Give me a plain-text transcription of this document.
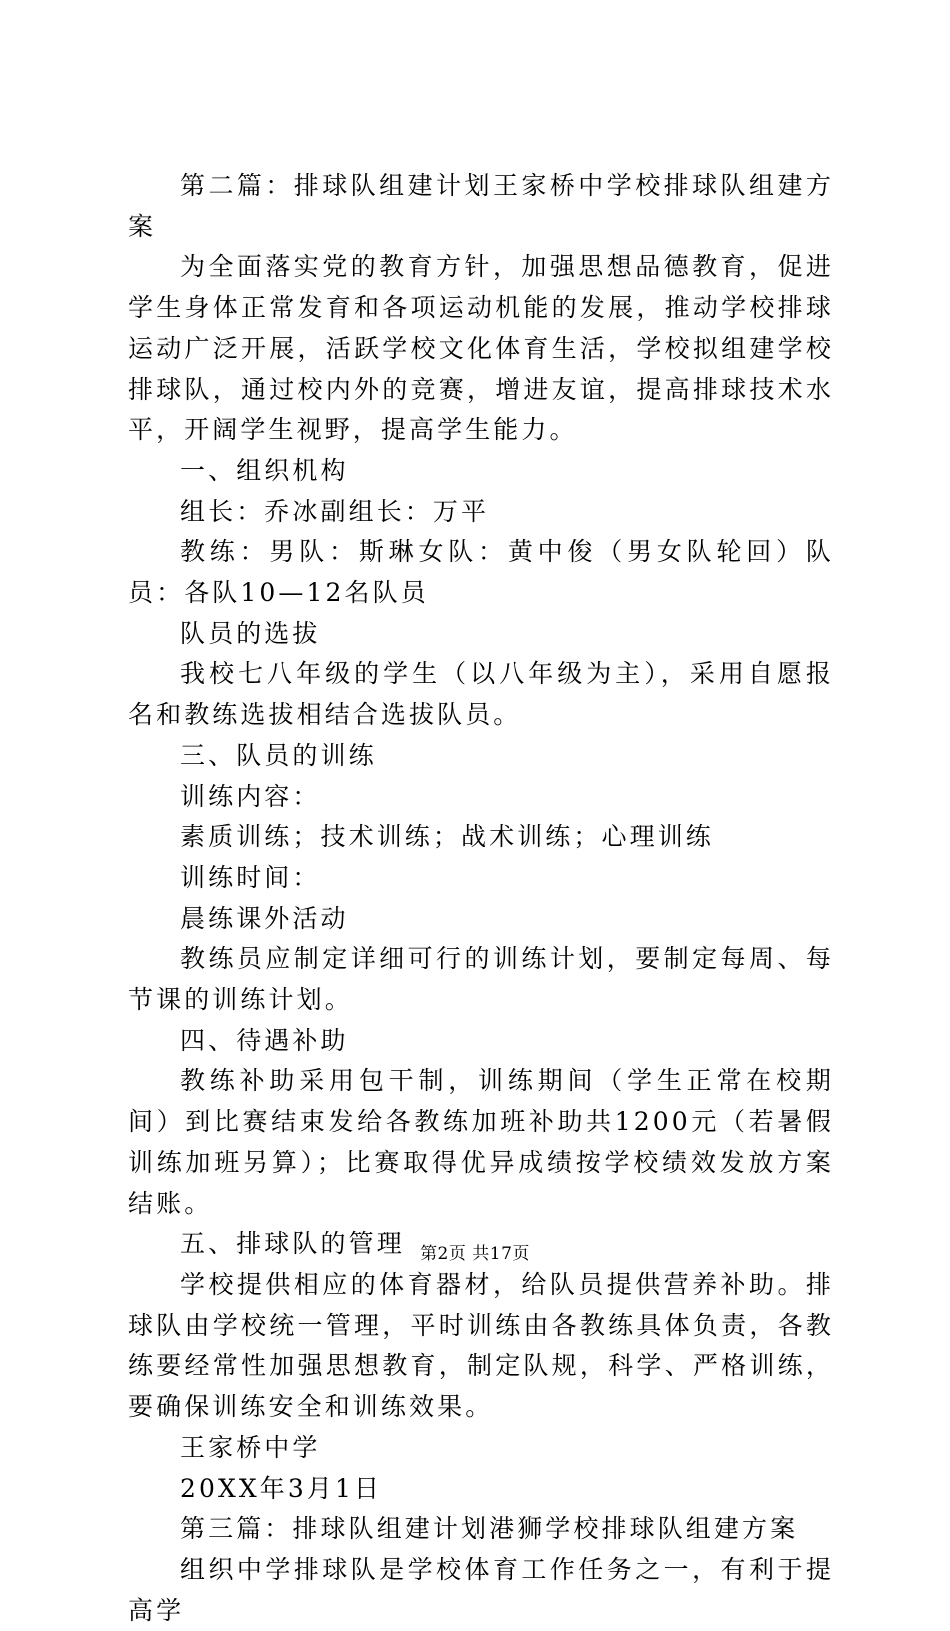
第二篇：排球队组建计划王家桥中学校排球队组建方案

为全面落实党的教育方针，加强思想品德教育，促进学生身体正常发育和各项运动机能的发展，推动学校排球运动广泛开展，活跃学校文化体育生活，学校拟组建学校排球队，通过校内外的竞赛，增进友谊，提高排球技术水平，开阔学生视野，提高学生能力。

一、组织机构

组长：乔冰副组长：万平

教练：男队：斯琳女队：黄中俊（男女队轮回）队员：各队10—12名队员

队员的选拔

我校七八年级的学生（以八年级为主），采用自愿报名和教练选拔相结合选拔队员。

三、队员的训练

训练内容：

素质训练；技术训练；战术训练；心理训练

训练时间：

晨练课外活动

教练员应制定详细可行的训练计划，要制定每周、每节课的训练计划。

四、待遇补助

教练补助采用包干制，训练期间（学生正常在校期间）到比赛结束发给各教练加班补助共1200元（若暑假训练加班另算）；比赛取得优异成绩按学校绩效发放方案结账。

五、排球队的管理

学校提供相应的体育器材，给队员提供营养补助。排球队由学校统一管理，平时训练由各教练具体负责，各教练要经常性加强思想教育，制定队规，科学、严格训练，要确保训练安全和训练效果。

王家桥中学

20XX年3月1日

第三篇：排球队组建计划港狮学校排球队组建方案

组织中学排球队是学校体育工作任务之一，有利于提高学

第2页 共17页
